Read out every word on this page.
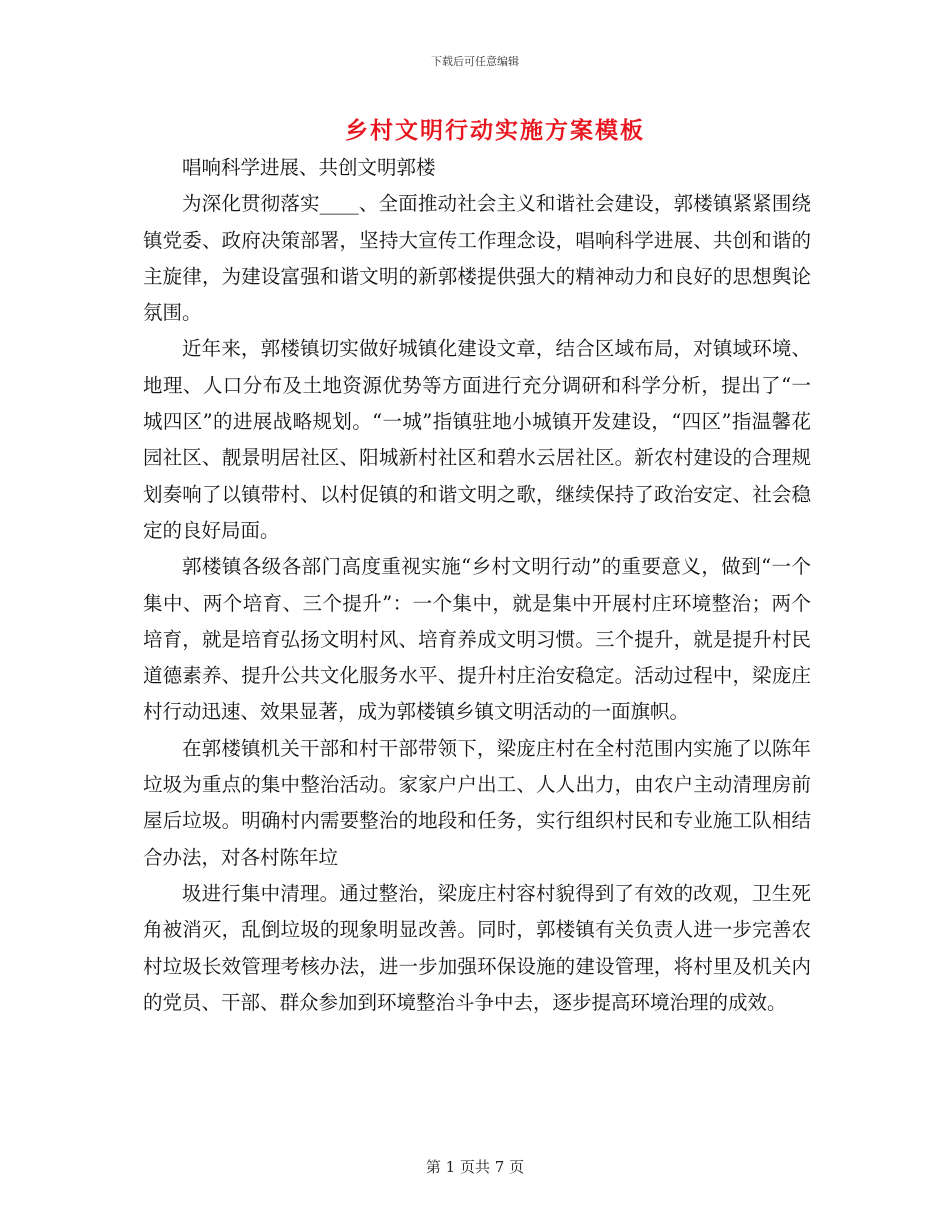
下载后可任意编辑
乡村文明行动实施方案模板

唱响科学进展、共创文明郭楼

为深化贯彻落实____、全面推动社会主义和谐社会建设，郭楼镇紧紧围绕镇党委、政府决策部署，坚持大宣传工作理念设，唱响科学进展、共创和谐的主旋律，为建设富强和谐文明的新郭楼提供强大的精神动力和良好的思想舆论氛围。

近年来，郭楼镇切实做好城镇化建设文章，结合区域布局，对镇域环境、地理、人口分布及土地资源优势等方面进行充分调研和科学分析，提出了“一城四区”的进展战略规划。“一城”指镇驻地小城镇开发建设，“四区”指温馨花园社区、靓景明居社区、阳城新村社区和碧水云居社区。新农村建设的合理规划奏响了以镇带村、以村促镇的和谐文明之歌，继续保持了政治安定、社会稳定的良好局面。

郭楼镇各级各部门高度重视实施“乡村文明行动”的重要意义，做到“一个集中、两个培育、三个提升”：一个集中，就是集中开展村庄环境整治；两个培育，就是培育弘扬文明村风、培育养成文明习惯。三个提升，就是提升村民道德素养、提升公共文化服务水平、提升村庄治安稳定。活动过程中，梁庞庄村行动迅速、效果显著，成为郭楼镇乡镇文明活动的一面旗帜。

在郭楼镇机关干部和村干部带领下，梁庞庄村在全村范围内实施了以陈年垃圾为重点的集中整治活动。家家户户出工、人人出力，由农户主动清理房前屋后垃圾。明确村内需要整治的地段和任务，实行组织村民和专业施工队相结合办法，对各村陈年垃

圾进行集中清理。通过整治，梁庞庄村容村貌得到了有效的改观，卫生死角被消灭，乱倒垃圾的现象明显改善。同时，郭楼镇有关负责人进一步完善农村垃圾长效管理考核办法，进一步加强环保设施的建设管理，将村里及机关内的党员、干部、群众参加到环境整治斗争中去，逐步提高环境治理的成效。

第 1 页共 7 页
